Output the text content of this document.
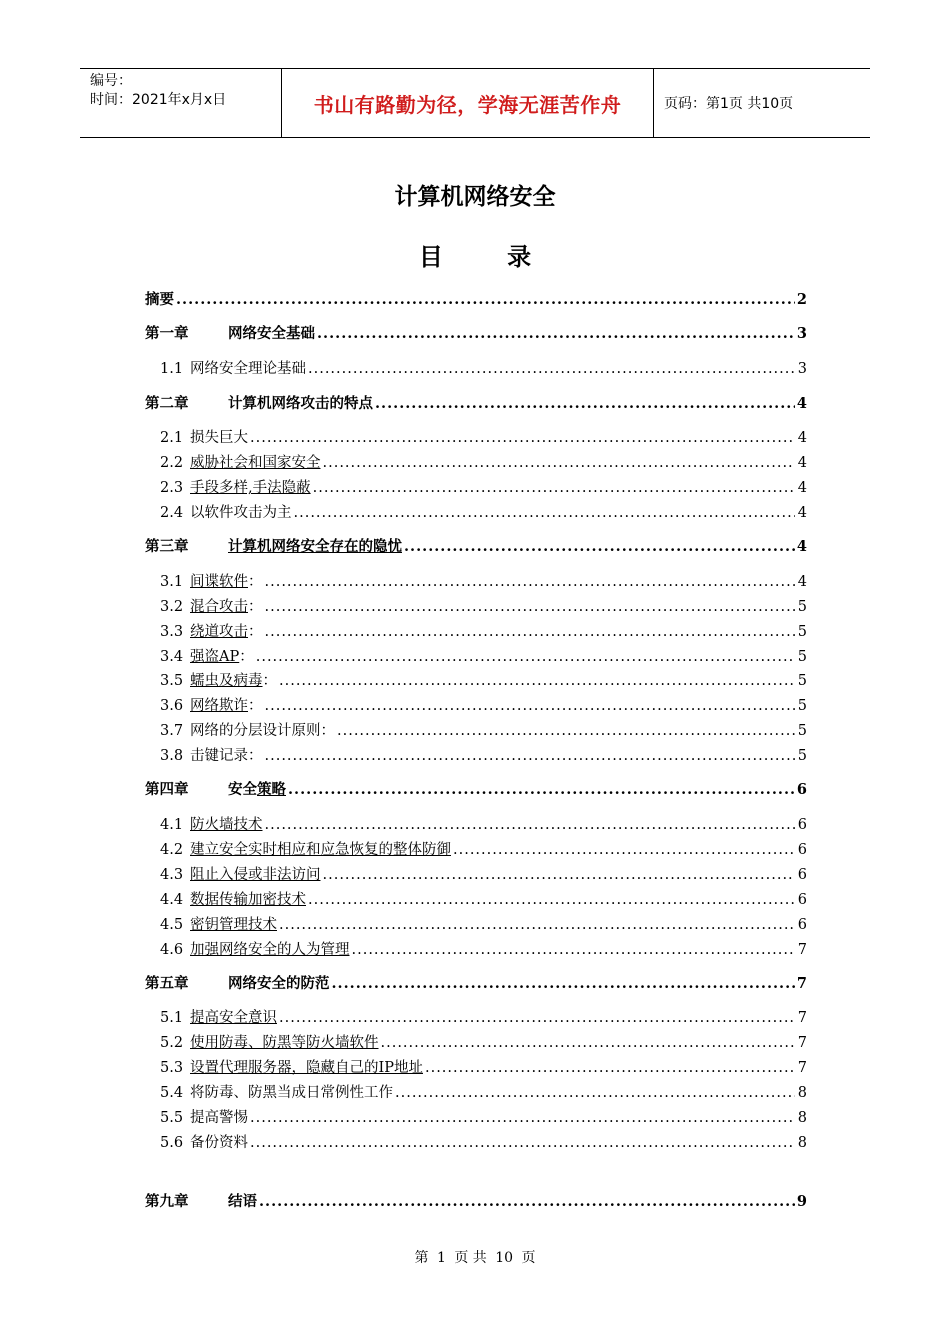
编号：
时间：2021年x月x日	书山有路勤为径，学海无涯苦作舟	页码：第1页 共10页
计算机网络安全
目 录
摘要 .....	2
第一章	网络安全基础 .....	3
1.1 网络安全理论基础 .....	3
第二章	计算机网络攻击的特点 .....	4
2.1 损失巨大 .....	4
2.2 威胁社会和国家安全 .....	4
2.3 手段多样,手法隐蔽 .....	4
2.4 以软件攻击为主 .....	4
第三章	计算机网络安全存在的隐忧 .....	4
3.1 间谍软件 ： .....	4
3.2 混合攻击 ： .....	5
3.3 绕道攻击 ： .....	5
3.4 强盗AP ： .....	5
3.5 蠕虫及病毒 ： .....	5
3.6 网络欺诈 ： .....	5
3.7 网络的分层设计原则： .....	5
3.8 击键记录： .....	5
第四章	安全 策略 .....	6
4.1 防火墙技术 .....	6
4.2 建立安全实时相应和应急恢复的整体防御 .....	6
4.3 阻止入侵或非法访问 .....	6
4.4 数据传输加密技术 .....	6
4.5 密钥管理技术 .....	6
4.6 加强网络安全的人为管理 .....	7
第五章	网络安全的防范 .....	7
5.1 提高安全意识 .....	7
5.2 使用防毒、防黑等防火墙软件 .....	7
5.3 设置代理服务器，隐藏自己的IP地址 .....	7
5.4 将防毒、防黑当成日常例性工作 .....	8
5.5 提高警惕 .....	8
5.6 备份资料 .....	8
第九章	结语 .....	9
第 1 页 共 10 页
